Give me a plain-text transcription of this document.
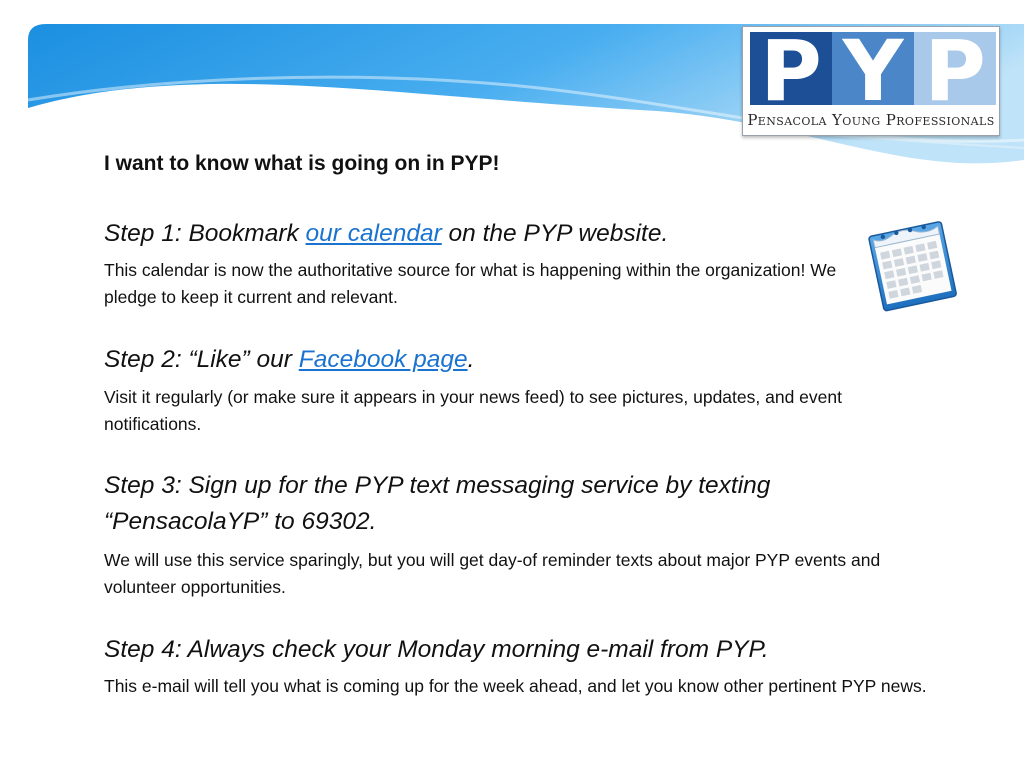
P Y P
Pensacola Young Professionals
I want to know what is going on in PYP!
Step 1: Bookmark our calendar on the PYP website.
This calendar is now the authoritative source for what is happening within the organization! We pledge to keep it current and relevant.
Step 2: “Like” our Facebook page.
Visit it regularly (or make sure it appears in your news feed) to see pictures, updates, and event notifications.
Step 3: Sign up for the PYP text messaging service by texting “PensacolaYP” to 69302.
We will use this service sparingly, but you will get day-of reminder texts about major PYP events and volunteer opportunities.
Step 4: Always check your Monday morning e-mail from PYP.
This e-mail will tell you what is coming up for the week ahead, and let you know other pertinent PYP news.
